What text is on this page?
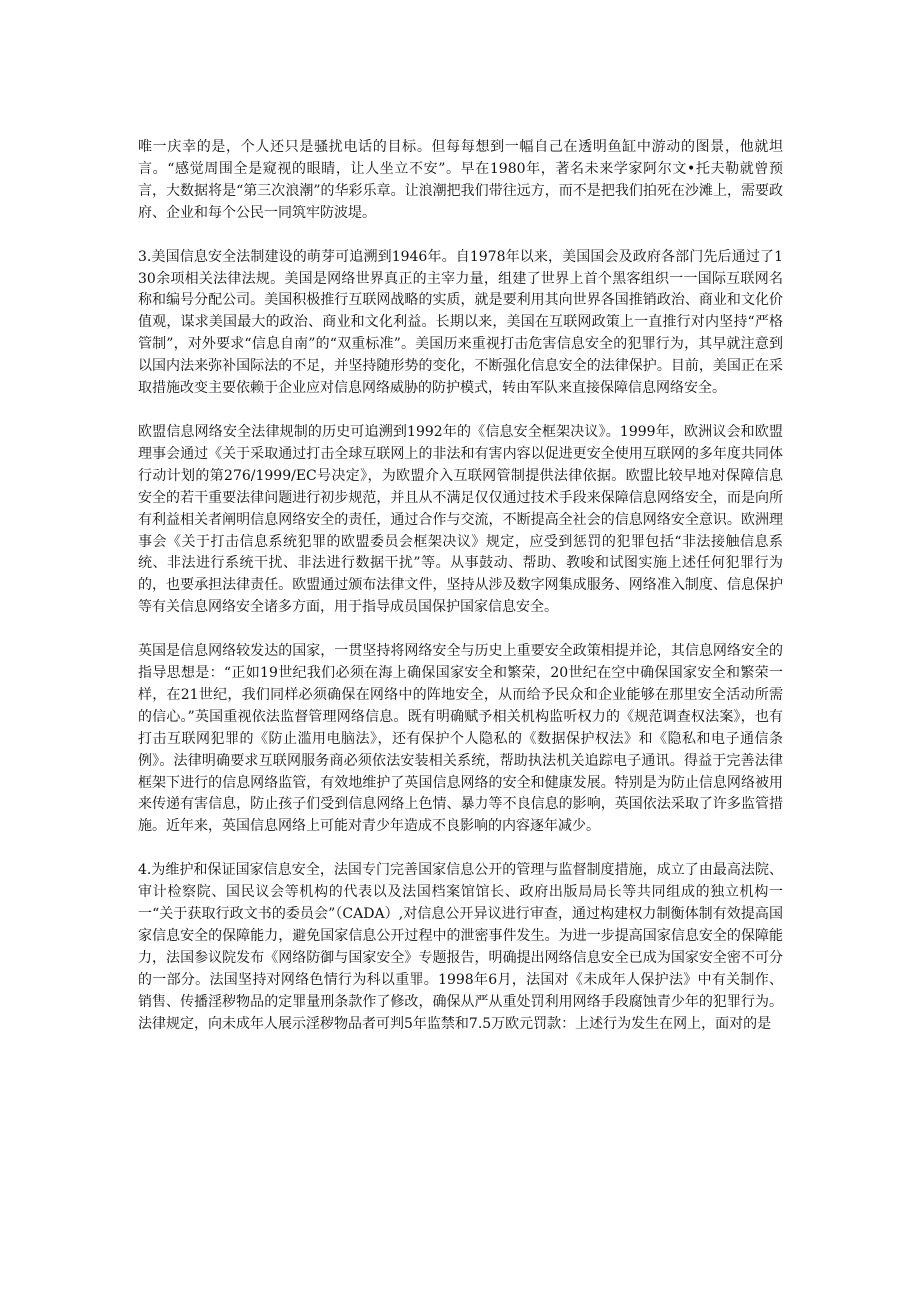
唯一庆幸的是，个人还只是骚扰电话的目标。但每每想到一幅自己在透明鱼缸中游动的图景，他就坦言。“感觉周围全是窥视的眼睛，让人坐立不安”。早在1980年，著名未来学家阿尔文•托夫勒就曾预言，大数据将是“第三次浪潮”的华彩乐章。让浪潮把我们带往远方，而不是把我们拍死在沙滩上，需要政府、企业和每个公民一同筑牢防波堤。

3.美国信息安全法制建设的萌芽可追溯到1946年。自1978年以来，美国国会及政府各部门先后通过了130余项相关法律法规。美国是网络世界真正的主宰力量，组建了世界上首个黑客组织一一国际互联网名称和编号分配公司。美国积极推行互联网战略的实质，就是要利用其向世界各国推销政治、商业和文化价值观，谋求美国最大的政治、商业和文化利益。长期以来，美国在互联网政策上一直推行对内坚持“严格管制”，对外要求“信息自南”的“双重标准”。美国历来重视打击危害信息安全的犯罪行为，其早就注意到以国内法来弥补国际法的不足，并坚持随形势的变化，不断强化信息安全的法律保护。目前，美国正在采取措施改变主要依赖于企业应对信息网络威胁的防护模式，转由军队来直接保障信息网络安全。

欧盟信息网络安全法律规制的历史可追溯到1992年的《信息安全框架决议》。1999年，欧洲议会和欧盟理事会通过《关于采取通过打击全球互联网上的非法和有害内容以促进更安全使用互联网的多年度共同体行动计划的第276/1999/EC号决定》，为欧盟介入互联网管制提供法律依据。欧盟比较早地对保障信息安全的若干重要法律问题进行初步规范，并且从不满足仅仅通过技术手段来保障信息网络安全，而是向所有利益相关者阐明信息网络安全的责任，通过合作与交流，不断提高全社会的信息网络安全意识。欧洲理事会《关于打击信息系统犯罪的欧盟委员会框架决议》规定，应受到惩罚的犯罪包括“非法接触信息系统、非法进行系统干扰、非法进行数据干扰”等。从事鼓动、帮助、教唆和试图实施上述任何犯罪行为的，也要承担法律责任。欧盟通过颁布法律文件，坚持从涉及数字网集成服务、网络准入制度、信息保护等有关信息网络安全诸多方面，用于指导成员国保护国家信息安全。

英国是信息网络较发达的国家，一贯坚持将网络安全与历史上重要安全政策相提并论，其信息网络安全的指导思想是：“正如19世纪我们必须在海上确保国家安全和繁荣，20世纪在空中确保国家安全和繁荣一样，在21世纪，我们同样必须确保在网络中的阵地安全，从而给予民众和企业能够在那里安全活动所需的信心。”英国重视依法监督管理网络信息。既有明确赋予相关机构监听权力的《规范调查权法案》，也有打击互联网犯罪的《防止滥用电脑法》，还有保护个人隐私的《数据保护权法》和《隐私和电子通信条例》。法律明确要求互联网服务商必须依法安装相关系统，帮助执法机关追踪电子通讯。得益于完善法律框架下进行的信息网络监管，有效地维护了英国信息网络的安全和健康发展。特别是为防止信息网络被用来传递有害信息，防止孩子们受到信息网络上色情、暴力等不良信息的影响，英国依法采取了许多监管措施。近年来，英国信息网络上可能对青少年造成不良影响的内容逐年减少。

4.为维护和保证国家信息安全，法国专门完善国家信息公开的管理与监督制度措施，成立了由最高法院、审计检察院、国民议会等机构的代表以及法国档案馆馆长、政府出版局局长等共同组成的独立机构一一“关于获取行政文书的委员会”（CADA）,对信息公开异议进行审查，通过构建权力制衡体制有效提高国家信息安全的保障能力，避免国家信息公开过程中的泄密事件发生。为进一步提高国家信息安全的保障能力，法国参议院发布《网络防御与国家安全》专题报告，明确提出网络信息安全已成为国家安全密不可分的一部分。法国坚持对网络色情行为科以重罪。1998年6月，法国对《未成年人保护法》中有关制作、销售、传播淫秽物品的定罪量刑条款作了修改，确保从严从重处罚利用网络手段腐蚀青少年的犯罪行为。法律规定，向未成年人展示淫秽物品者可判5年监禁和7.5万欧元罚款：上述行为发生在网上，面对的是
